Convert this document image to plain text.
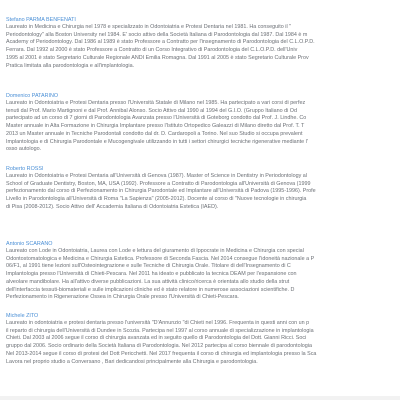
Stefano PARMA BENFENATI
Laureato in Medicina e Chirurgia nel 1978 e specializzato in Odontoiatria e Protesi Dentaria nel 1981. Ha conseguito il "
Periodontology" alla Boston University nel 1984. E' socio attivo della Società Italiana di Parodontologia dal 1987. Dal 1984 è m
Academy of Periodontology. Dal 1986 al 1989 è stato Professore a Contratto per l'insegnamento di Parodontologia del C.L.O.P.D.
Ferrara. Dal 1992 al 2000 è stato Professore a Contratto di un Corso Integrativo di Parodontologia del C.L.O.P.D. dell'Univ
1995 al 2001 è stato Segretario Culturale Regionale ANDI Emilia Romagna. Dal 1991 al 2005 è stato Segretario Culturale Prov
Pratica limitata alla parodontologia e all'implantologia.
Domenico PATARINO
Laureato in Odontoiatria e Protesi Dentaria presso l'Università Statale di Milano nel 1985. Ha partecipato a vari corsi di perfez
tenuti dal Prof. Mario Martignoni e dal Prof. Annibal Alonso. Socio Attivo dal 1990 al 1994 del G.I.O. (Gruppo Italiano di Od
partecipato ad un corso di 7 giorni di Parodontologia Avanzata presso l'Università di Goteborg condotto dal Prof. J. Lindhe. Co
Master annuale in Alta Formazione in Chirurgia Implantare presso l'Istituto Ortopedico Galeazzi di Milano diretto dal Prof. T. T
2013 un Master annuale in Tecniche Parodontali condotto dal dr. D. Cardaropoli a Torino. Nel suo Studio si occupa prevalent
Implantologia e di Chirurgia Parodontale e Mucogengivale utilizzando in tutti i settori chirurgici tecniche rigenerative mediante l'
osso autologo.
Roberto ROSSI
Laureato in Odontoiatria e Protesi Dentaria all'Università di Genova (1987). Master of Science in Dentistry in Periodontology al
School of Graduate Dentistry, Boston, MA, USA (1992). Professore a Contratto di Parodontologia all'Università di Genova (1999
perfezionamento dal corso di Perfezionamento in Chirurgia Parodontale ed Implantare all'Università di Padova (1995-1996). Profe
Livello in Parodontologia all'Università di Roma "La Sapienza" (2005-2012). Docente al corso di "Nuove tecnologie in chirurgia
di Pisa (2008-2012). Socio Attivo dell' Accademia Italiana di Odontoiatria Estetica (IAED).
Antonio SCARANO
Laureato con Lode in Odontoiatria, Laurea con Lode e lettura del giuramento di Ippocrate in Medicina e Chirurgia con special
Odontostomatologica e Medicina e Chirurgia Estetica. Professore di Seconda Fascia. Nel 2014 consegue l'idoneità nazionale a P
06/F1, al 1991 tiene lezioni sull'Osteointegrazione e sulle Tecniche di Chirurgia Orale. Titolare di dell'Insegnamento di C
Implantologia presso l'Università di Chieti-Pescara. Nel 2011 ha ideato e pubblicato la tecnica DEAM per l'espansione con
alveolare mandibolare. Ha all'attivo diverse pubblicazioni. La sua attività clinico/ricerca è orientata allo studio della strut
dell'interfaccia tessuti-biomateriali e sulle implicazioni cliniche ed è stato relatore in numerose associazioni scientifiche. D
Perfezionamento in Rigenerazione Ossea in Chirurgia Orale presso l'Università di Chieti-Pescara.
Michele ZITO
Laureato in odontoiatria e protesi dentaria presso l'università "D'Annunzio "di Chieti nel 1996. Frequenta in questi anni con un p
il reparto di chirurgia dell'Università di Dundee in Scozia. Partecipa nel 1997 al corso annuale di specializzazione in implantologia
Chieti. Dal 2003 al 2006 segue il corso di chirurgia avanzata ed in seguito quello di Parodontologia del Dott. Gianni Ricci. Soci
gruppo dal 2006. Socio ordinario della Società Italiana di Parodontologia. Nel 2012 partecipa al corso biennale di parodontologia
Nel 2013-2014 segue il corso di protesi del Dott Pericchetti. Nel 2017 frequenta il corso di chirurgia ed implantologia presso la Sca
Lavora nel proprio studio a Conversano , Bari dedicandosi principalmente alla Chirurgia e parodontologia.
